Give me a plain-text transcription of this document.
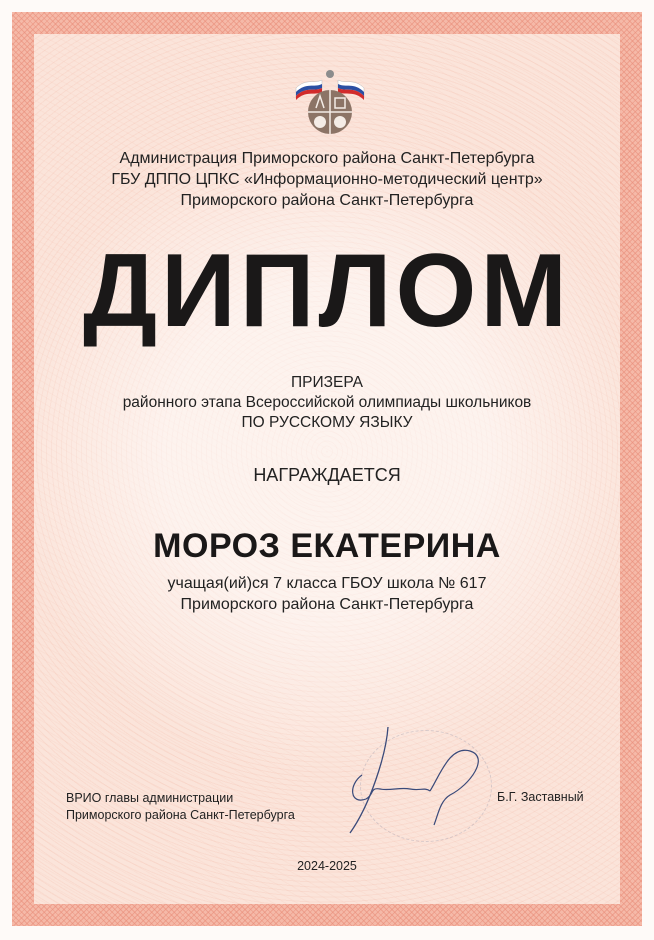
Администрация Приморского района Санкт-Петербурга
ГБУ ДППО ЦПКС «Информационно-методический центр»
Приморского района Санкт-Петербурга
ДИПЛОМ
ПРИЗЕРА
районного этапа Всероссийской олимпиады школьников
ПО РУССКОМУ ЯЗЫКУ
НАГРАЖДАЕТСЯ
МОРОЗ ЕКАТЕРИНА
учащая(ий)ся 7 класса ГБОУ школа № 617
Приморского района Санкт-Петербурга
ВРИО главы администрации
Приморского района Санкт-Петербурга
Б.Г. Заставный
2024-2025
